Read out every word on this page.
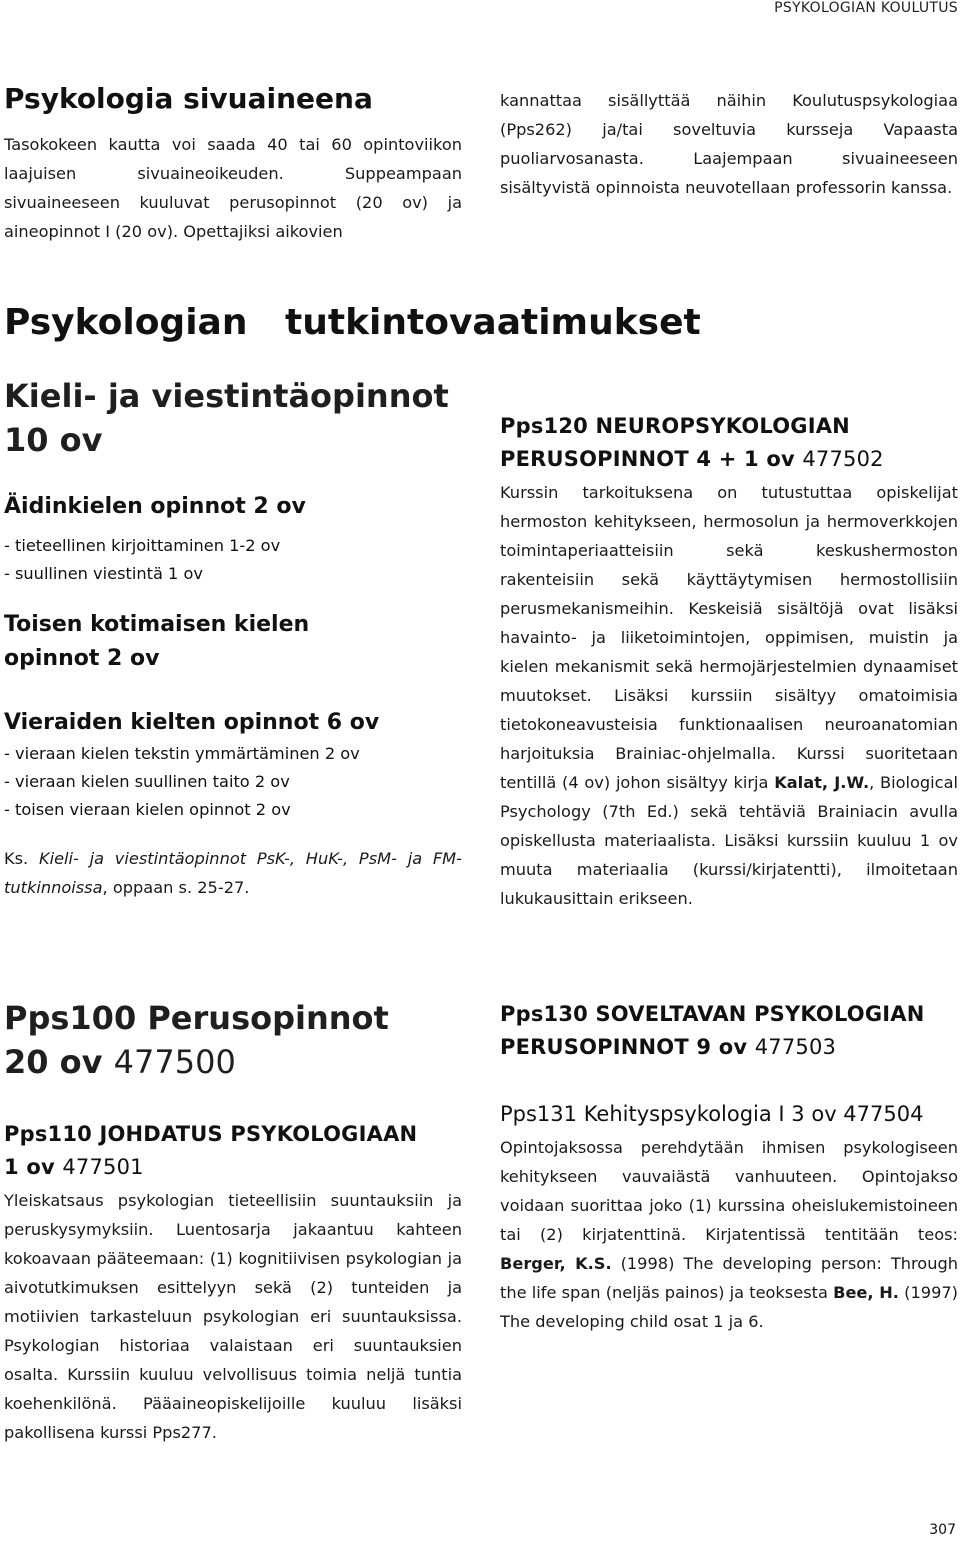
PSYKOLOGIAN KOULUTUS
Psykologia sivuaineena

Tasokokeen kautta voi saada 40 tai 60 opintoviikon laajuisen sivuaineoikeuden. Suppeampaan sivuaineeseen kuuluvat perusopinnot (20 ov) ja aineopinnot I (20 ov). Opettajiksi aikovien

kannattaa sisällyttää näihin Koulutuspsykologiaa (Pps262) ja/tai soveltuvia kursseja Vapaasta puoliarvosanasta. Laajempaan sivuaineeseen sisältyvistä opinnoista neuvotellaan professorin kanssa.

Psykologian   tutkintovaatimukset
Kieli- ja viestintäopinnot
10 ov
Äidinkielen opinnot 2 ov

- tieteellinen kirjoittaminen 1-2 ov

- suullinen viestintä 1 ov

Toisen kotimaisen kielen
opinnot 2 ov
Vieraiden kielten opinnot 6 ov

- vieraan kielen tekstin ymmärtäminen 2 ov

- vieraan kielen suullinen taito 2 ov

- toisen vieraan kielen opinnot 2 ov

Ks. Kieli- ja viestintäopinnot PsK-, HuK-, PsM- ja FM-tutkinnoissa, oppaan s. 25-27.

Pps100 Perusopinnot
20 ov 477500
Pps110 JOHDATUS PSYKOLOGIAAN
1 ov 477501

Yleiskatsaus psykologian tieteellisiin suuntauksiin ja peruskysymyksiin. Luentosarja jakaantuu kahteen kokoavaan pääteemaan: (1) kognitiivisen psykologian ja aivotutkimuksen esittelyyn sekä (2) tunteiden ja motiivien tarkasteluun psykologian eri suuntauksissa. Psykologian historiaa valaistaan eri suuntauksien osalta. Kurssiin kuuluu velvollisuus toimia neljä tuntia koehenkilönä. Pääaineopiskelijoille kuuluu lisäksi pakollisena kurssi Pps277.

Pps120 NEUROPSYKOLOGIAN
PERUSOPINNOT 4 + 1 ov 477502

Kurssin tarkoituksena on tutustuttaa opiskelijat hermoston kehitykseen, hermosolun ja hermoverkkojen toimintaperiaatteisiin sekä keskushermoston rakenteisiin sekä käyttäytymisen hermostollisiin perusmekanismeihin. Keskeisiä sisältöjä ovat lisäksi havainto- ja liiketoimintojen, oppimisen, muistin ja kielen mekanismit sekä hermojärjestelmien dynaamiset muutokset. Lisäksi kurssiin sisältyy omatoimisia tietokoneavusteisia funktionaalisen neuroanatomian harjoituksia Brainiac-ohjelmalla. Kurssi suoritetaan tentillä (4 ov) johon sisältyy kirja Kalat, J.W., Biological Psychology (7th Ed.) sekä tehtäviä Brainiacin avulla opiskellusta materiaalista. Lisäksi kurssiin kuuluu 1 ov muuta materiaalia (kurssi/kirjatentti), ilmoitetaan lukukausittain erikseen.

Pps130 SOVELTAVAN PSYKOLOGIAN
PERUSOPINNOT 9 ov 477503
Pps131 Kehityspsykologia I 3 ov 477504

Opintojaksossa perehdytään ihmisen psykologiseen kehitykseen vauvaiästä vanhuuteen. Opintojakso voidaan suorittaa joko (1) kurssina oheislukemistoineen tai (2) kirjatenttinä. Kirjatentissä tentitään teos: Berger, K.S. (1998) The developing person: Through the life span (neljäs painos) ja teoksesta Bee, H. (1997) The developing child osat 1 ja 6.

307
